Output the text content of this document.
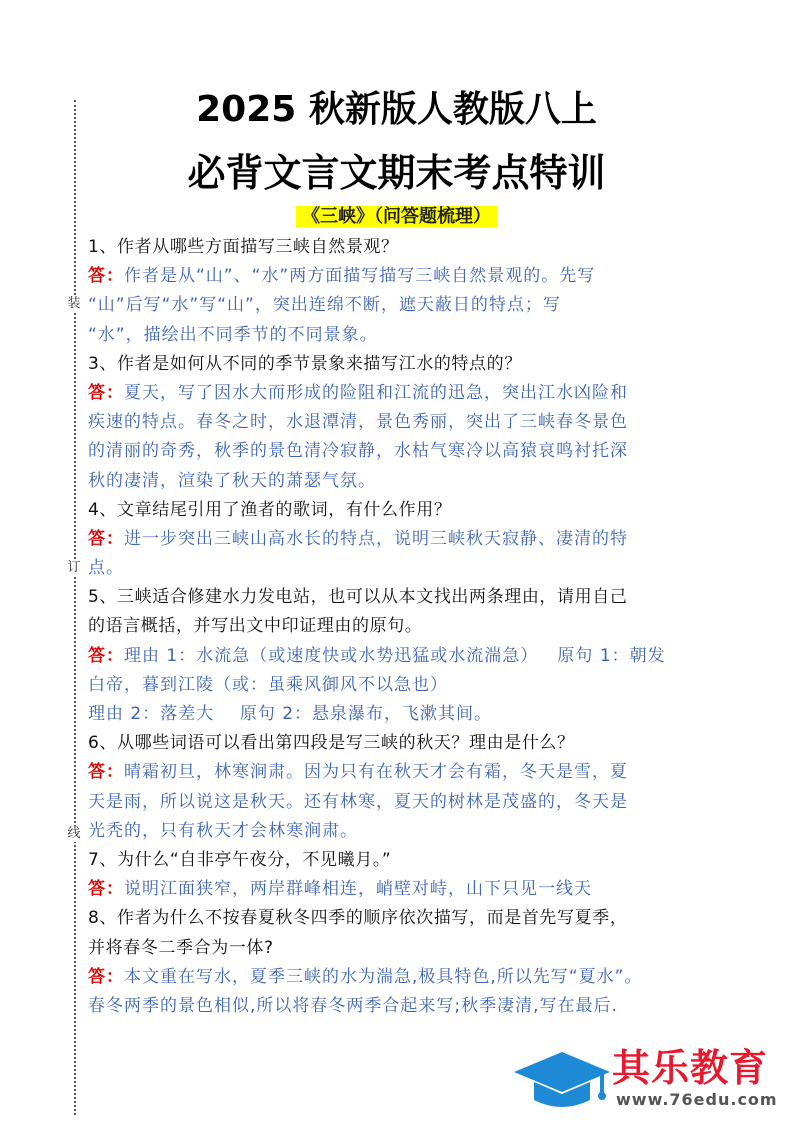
装
订
线
2025 秋新版人教版八上
必背文言文期末考点特训
《三峡》（问答题梳理）
1、作者从哪些方面描写三峡自然景观？
答：作者是从“山”、“水”两方面描写描写三峡自然景观的。先写
“山”后写“水”写“山”，突出连绵不断，遮天蔽日的特点；写
“水”，描绘出不同季节的不同景象。
3、作者是如何从不同的季节景象来描写江水的特点的？
答：夏天，写了因水大而形成的险阻和江流的迅急，突出江水凶险和
疾速的特点。春冬之时，水退潭清，景色秀丽，突出了三峡春冬景色
的清丽的奇秀，秋季的景色清冷寂静，水枯气寒冷以高猿哀鸣衬托深
秋的凄清，渲染了秋天的萧瑟气氛。
4、文章结尾引用了渔者的歌词，有什么作用？
答：进一步突出三峡山高水长的特点，说明三峡秋天寂静、凄清的特
点。
5、三峡适合修建水力发电站，也可以从本文找出两条理由，请用自己
的语言概括，并写出文中印证理由的原句。
答：理由 1：水流急（或速度快或水势迅猛或水流湍急）   原句 1：朝发
白帝，暮到江陵（或：虽乘风御风不以急也）
理由 2：落差大    原句 2：悬泉瀑布，飞漱其间。
6、从哪些词语可以看出第四段是写三峡的秋天？理由是什么？
答：晴霜初旦，林寒涧肃。因为只有在秋天才会有霜，冬天是雪，夏
天是雨，所以说这是秋天。还有林寒，夏天的树林是茂盛的，冬天是
光秃的，只有秋天才会林寒涧肃。
7、为什么“自非亭午夜分，不见曦月。”
答：说明江面狭窄，两岸群峰相连，峭壁对峙，山下只见一线天
8、作者为什么不按春夏秋冬四季的顺序依次描写，而是首先写夏季，
并将春冬二季合为一体?
答：本文重在写水，夏季三峡的水为湍急,极具特色,所以先写“夏水”。
春冬两季的景色相似,所以将春冬两季合起来写;秋季凄清,写在最后.
其乐教育
www.76edu.com
